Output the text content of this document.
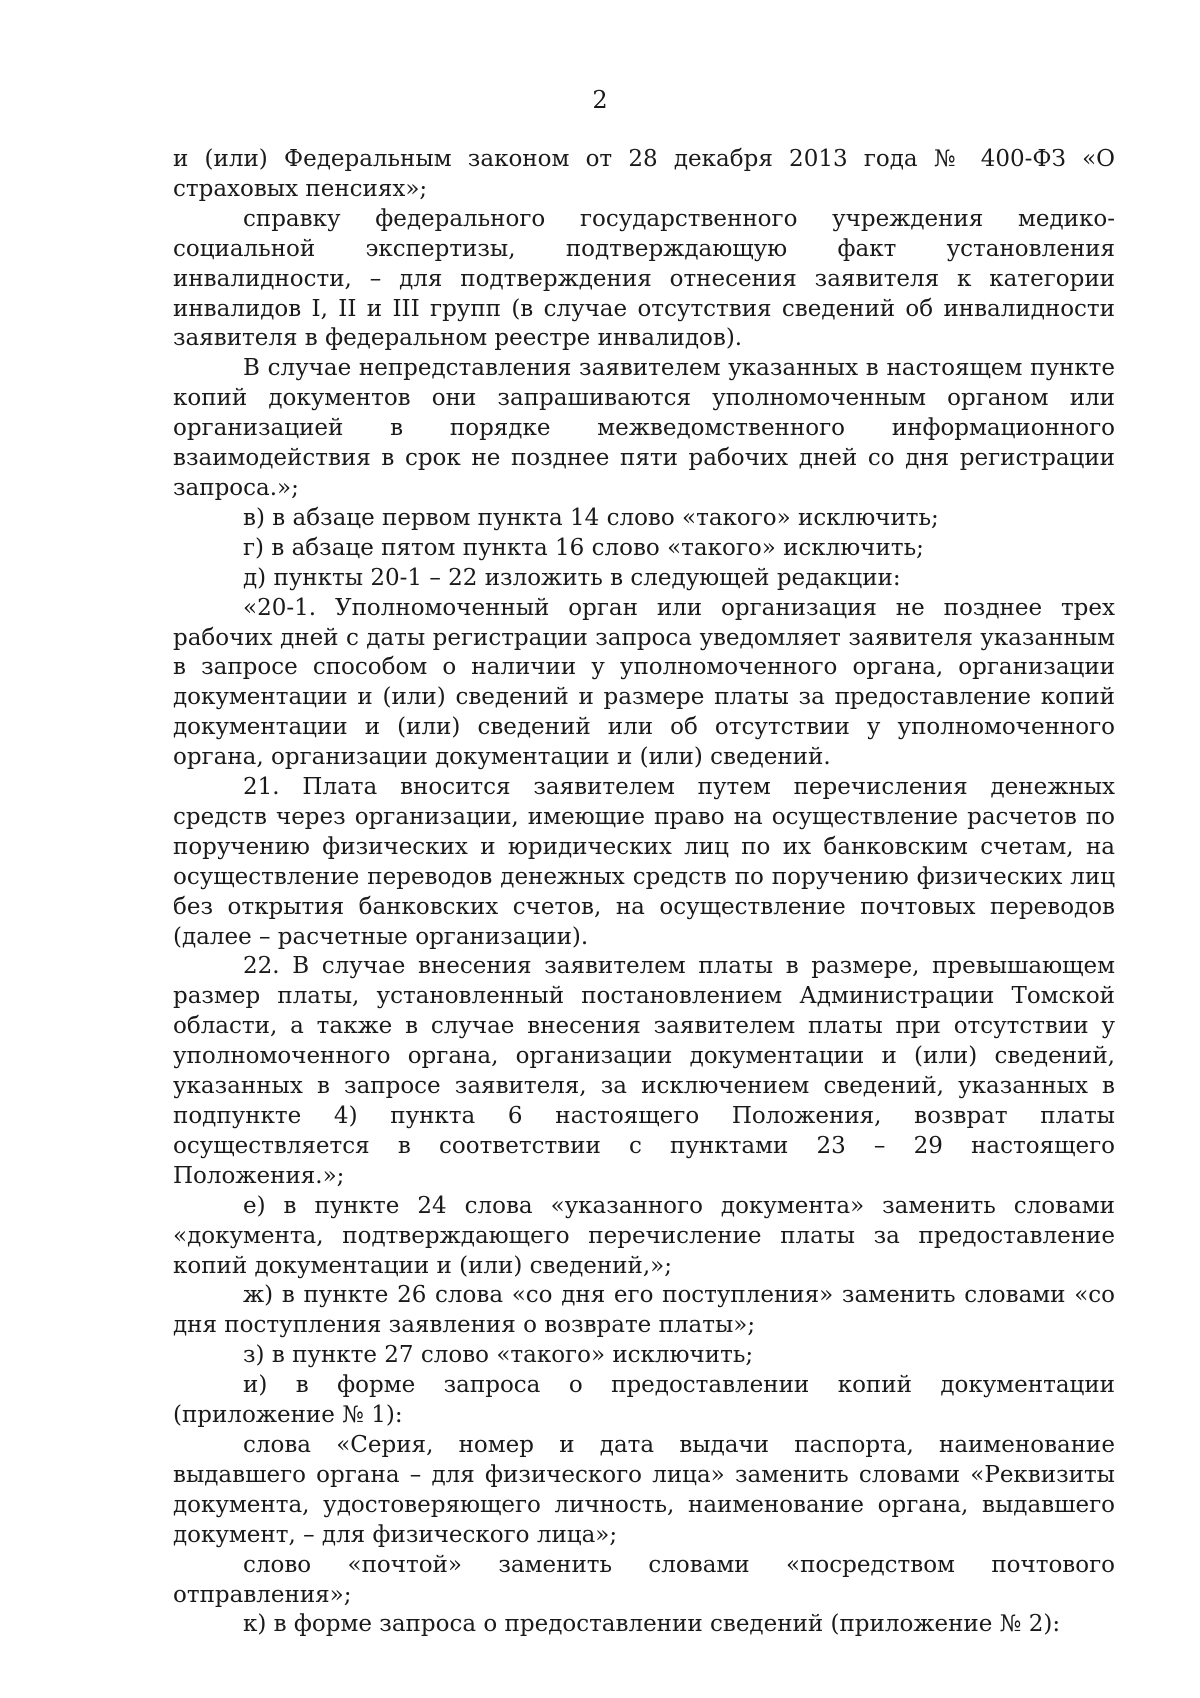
2

и (или) Федеральным законом от 28 декабря 2013 года № 400-ФЗ «О страховых пенсиях»;

справку федерального государственного учреждения медико-социальной экспертизы, подтверждающую факт установления инвалидности, – для подтверждения отнесения заявителя к категории инвалидов I, II и III групп (в случае отсутствия сведений об инвалидности заявителя в федеральном реестре инвалидов).

В случае непредставления заявителем указанных в настоящем пункте копий документов они запрашиваются уполномоченным органом или организацией в порядке межведомственного информационного взаимодействия в срок не позднее пяти рабочих дней со дня регистрации запроса.»;

в) в абзаце первом пункта 14 слово «такого» исключить;

г) в абзаце пятом пункта 16 слово «такого» исключить;

д) пункты 20-1 – 22 изложить в следующей редакции:

«20-1. Уполномоченный орган или организация не позднее трех рабочих дней с даты регистрации запроса уведомляет заявителя указанным в запросе способом о наличии у уполномоченного органа, организации документации и (или) сведений и размере платы за предоставление копий документации и (или) сведений или об отсутствии у уполномоченного органа, организации документации и (или) сведений.

21. Плата вносится заявителем путем перечисления денежных средств через организации, имеющие право на осуществление расчетов по поручению физических и юридических лиц по их банковским счетам, на осуществление переводов денежных средств по поручению физических лиц без открытия банковских счетов, на осуществление почтовых переводов (далее – расчетные организации).

22. В случае внесения заявителем платы в размере, превышающем размер платы, установленный постановлением Администрации Томской области, а также в случае внесения заявителем платы при отсутствии у уполномоченного органа, организации документации и (или) сведений, указанных в запросе заявителя, за исключением сведений, указанных в подпункте 4) пункта 6 настоящего Положения, возврат платы осуществляется в соответствии с пунктами 23 – 29 настоящего Положения.»;

е) в пункте 24 слова «указанного документа» заменить словами «документа, подтверждающего перечисление платы за предоставление копий документации и (или) сведений,»;

ж) в пункте 26 слова «со дня его поступления» заменить словами «со дня поступления заявления о возврате платы»;

з) в пункте 27 слово «такого» исключить;

и) в форме запроса о предоставлении копий документации (приложение № 1):

слова «Серия, номер и дата выдачи паспорта, наименование выдавшего органа – для физического лица» заменить словами «Реквизиты документа, удостоверяющего личность, наименование органа, выдавшего документ, – для физического лица»;

слово «почтой» заменить словами «посредством почтового отправления»;

к) в форме запроса о предоставлении сведений (приложение № 2):
